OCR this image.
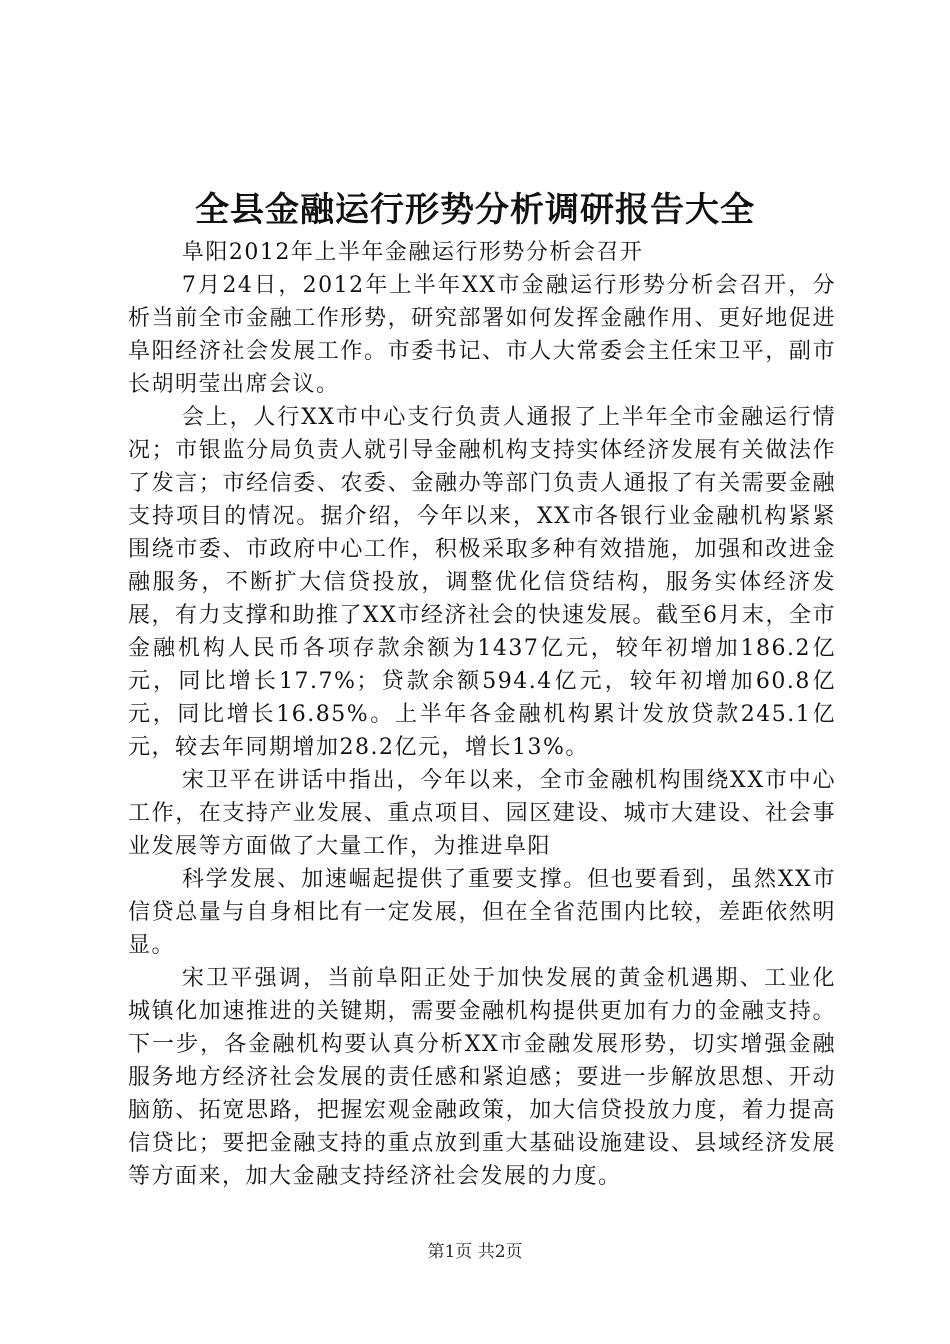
全县金融运行形势分析调研报告大全

阜阳2012年上半年金融运行形势分析会召开

7月24日，2012年上半年XX市金融运行形势分析会召开，分析当前全市金融工作形势，研究部署如何发挥金融作用、更好地促进阜阳经济社会发展工作。市委书记、市人大常委会主任宋卫平，副市长胡明莹出席会议。

会上，人行XX市中心支行负责人通报了上半年全市金融运行情况；市银监分局负责人就引导金融机构支持实体经济发展有关做法作了发言；市经信委、农委、金融办等部门负责人通报了有关需要金融支持项目的情况。据介绍，今年以来，XX市各银行业金融机构紧紧围绕市委、市政府中心工作，积极采取多种有效措施，加强和改进金融服务，不断扩大信贷投放，调整优化信贷结构，服务实体经济发展，有力支撑和助推了XX市经济社会的快速发展。截至6月末，全市金融机构人民币各项存款余额为1437亿元，较年初增加186.2亿元，同比增长17.7%；贷款余额594.4亿元，较年初增加60.8亿元，同比增长16.85%。上半年各金融机构累计发放贷款245.1亿元，较去年同期增加28.2亿元，增长13%。

宋卫平在讲话中指出，今年以来，全市金融机构围绕XX市中心工作，在支持产业发展、重点项目、园区建设、城市大建设、社会事业发展等方面做了大量工作，为推进阜阳

科学发展、加速崛起提供了重要支撑。但也要看到，虽然XX市信贷总量与自身相比有一定发展，但在全省范围内比较，差距依然明显。

宋卫平强调，当前阜阳正处于加快发展的黄金机遇期、工业化城镇化加速推进的关键期，需要金融机构提供更加有力的金融支持。下一步，各金融机构要认真分析XX市金融发展形势，切实增强金融服务地方经济社会发展的责任感和紧迫感；要进一步解放思想、开动脑筋、拓宽思路，把握宏观金融政策，加大信贷投放力度，着力提高信贷比；要把金融支持的重点放到重大基础设施建设、县域经济发展等方面来，加大金融支持经济社会发展的力度。

第1页 共2页
